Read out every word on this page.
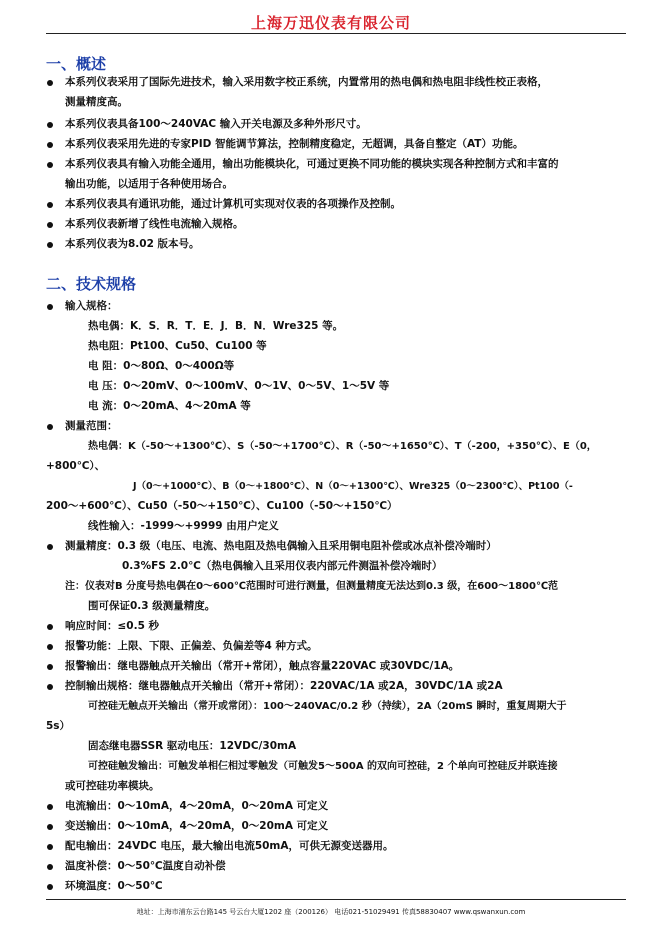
上海万迅仪表有限公司
一、概述
二、技术规格
本系列仪表采用了国际先进技术，输入采用数字校正系统，内置常用的热电偶和热电阻非线性校正表格，
测量精度高。
本系列仪表具备100～240VAC 输入开关电源及多种外形尺寸。
本系列仪表采用先进的专家PID 智能调节算法，控制精度稳定，无超调，具备自整定（AT）功能。
本系列仪表具有输入功能全通用，输出功能模块化，可通过更换不同功能的模块实现各种控制方式和丰富的
输出功能，以适用于各种使用场合。
本系列仪表具有通讯功能，通过计算机可实现对仪表的各项操作及控制。
本系列仪表新增了线性电流输入规格。
本系列仪表为8.02 版本号。
输入规格：
热电偶：K．S．R．T．E．J．B．N．Wre325 等。
热电阻：Pt100、Cu50、Cu100 等
电 阻：0～80Ω、0～400Ω等
电 压：0～20mV、0～100mV、0～1V、0～5V、1～5V 等
电 流：0～20mA、4～20mA 等
测量范围：
热电偶：K（-50～+1300℃）、S（-50～+1700℃）、R（-50～+1650℃）、T（-200，+350℃）、E（0，
+800℃）、
J（0～+1000℃）、B（0～+1800℃）、N（0～+1300℃）、Wre325（0～2300℃）、Pt100（-
200～+600℃）、Cu50（-50～+150℃）、Cu100（-50～+150℃）
线性输入：-1999～+9999 由用户定义
测量精度：0.3 级（电压、电流、热电阻及热电偶输入且采用铜电阻补偿或冰点补偿冷端时）
0.3%FS 2.0℃（热电偶输入且采用仪表内部元件测温补偿冷端时）
注：仪表对B 分度号热电偶在0～600℃范围时可进行测量，但测量精度无法达到0.3 级，在600～1800℃范
围可保证0.3 级测量精度。
响应时间：≤0.5 秒
报警功能：上限、下限、正偏差、负偏差等4 种方式。
报警输出：继电器触点开关输出（常开+常闭），触点容量220VAC 或30VDC/1A。
控制输出规格：继电器触点开关输出（常开+常闭）：220VAC/1A 或2A，30VDC/1A 或2A
可控硅无触点开关输出（常开或常闭）：100～240VAC/0.2 秒（持续），2A（20mS 瞬时，重复周期大于
5s）
固态继电器SSR 驱动电压：12VDC/30mA
可控硅触发输出：可触发单相仨相过零触发（可触发5～500A 的双向可控硅，2 个单向可控硅反并联连接
或可控硅功率模块。
电流输出：0～10mA，4～20mA，0～20mA 可定义
变送输出：0～10mA，4～20mA，0～20mA 可定义
配电输出：24VDC 电压，最大输出电流50mA，可供无源变送器用。
温度补偿：0～50℃温度自动补偿
环境温度：0～50℃
地址：上海市浦东云台路145 号云台大厦1202 座（200126） 电话021-51029491 传真58830407 www.qswanxun.com
